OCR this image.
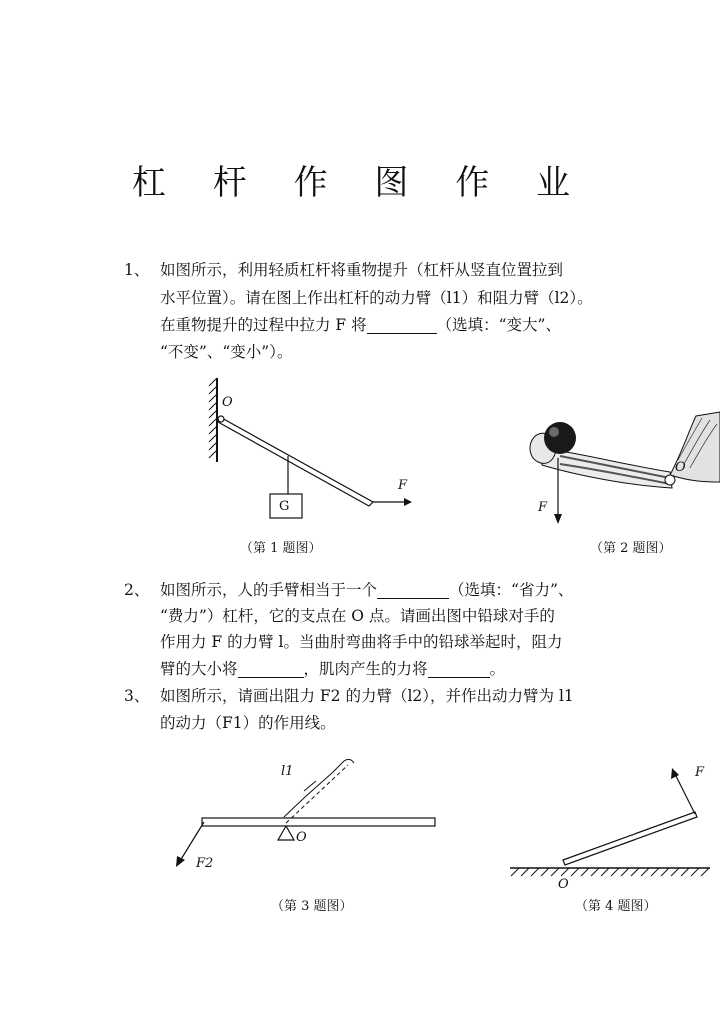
杠 杆 作 图 作 业
1、 如图所示，利用轻质杠杆将重物提升（杠杆从竖直位置拉到
水平位置）。请在图上作出杠杆的动力臂（l1）和阻力臂（l2）。
在重物提升的过程中拉力 F 将	（选填：“变大”、
“不变”、“变小”）。
O
F
G
（第 1 题图）
F
O
（第 2 题图）
2、 如图所示，人的手臂相当于一个	（选填：“省力”、
“费力”）杠杆，它的支点在 O 点。请画出图中铅球对手的
作用力 F 的力臂 l。当曲肘弯曲将手中的铅球举起时，阻力
臂的大小将	，肌肉产生的力将	。
3、 如图所示，请画出阻力 F2 的力臂（l2），并作出动力臂为 l1
的动力（F1）的作用线。
l1
O
F2
（第 3 题图）
F
O
（第 4 题图）
